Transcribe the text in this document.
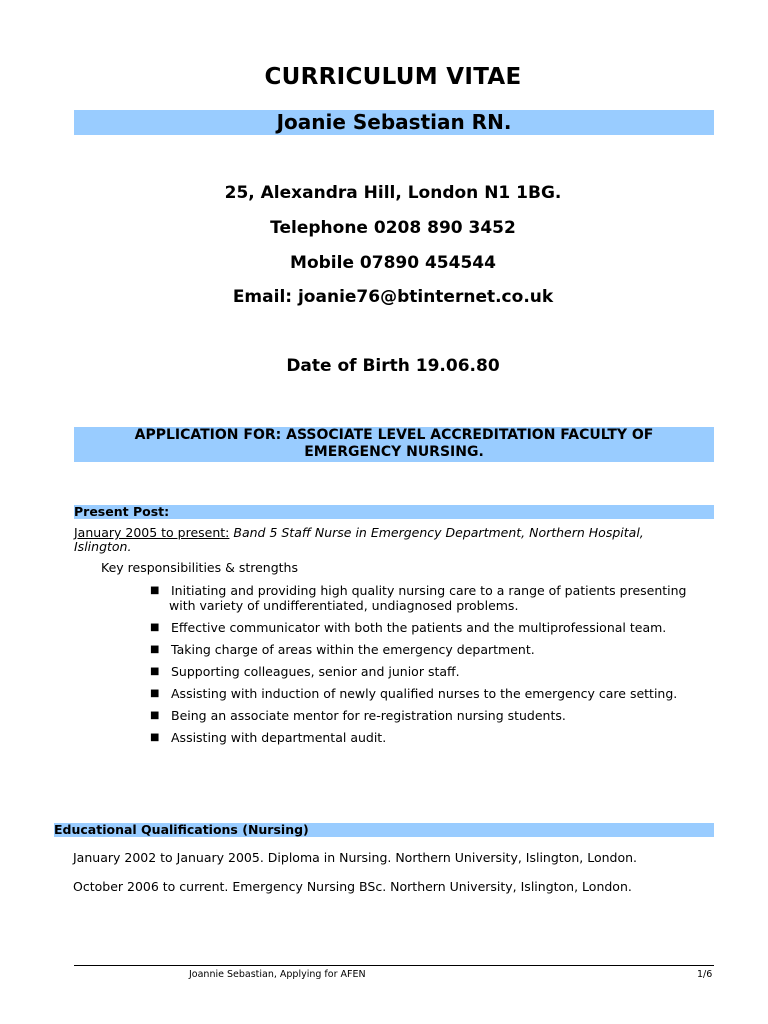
CURRICULUM VITAE
Joanie Sebastian RN.
25, Alexandra Hill, London N1 1BG.
Telephone 0208 890 3452
Mobile 07890 454544
Email: joanie76@btinternet.co.uk
Date of Birth 19.06.80
APPLICATION FOR: ASSOCIATE LEVEL ACCREDITATION FACULTY OF
EMERGENCY NURSING.
Present Post:
January 2005 to present: Band 5 Staff Nurse in Emergency Department, Northern Hospital,
Islington.
Key responsibilities & strengths
■ Initiating and providing high quality nursing care to a range of patients presenting
with variety of undifferentiated, undiagnosed problems.
■ Effective communicator with both the patients and the multiprofessional team.
■ Taking charge of areas within the emergency department.
■ Supporting colleagues, senior and junior staff.
■ Assisting with induction of newly qualified nurses to the emergency care setting.
■ Being an associate mentor for re-registration nursing students.
■ Assisting with departmental audit.
Educational Qualifications (Nursing)
January 2002 to January 2005. Diploma in Nursing. Northern University, Islington, London.
October 2006 to current. Emergency Nursing BSc. Northern University, Islington, London.
Joannie Sebastian, Applying for AFEN	1/6
